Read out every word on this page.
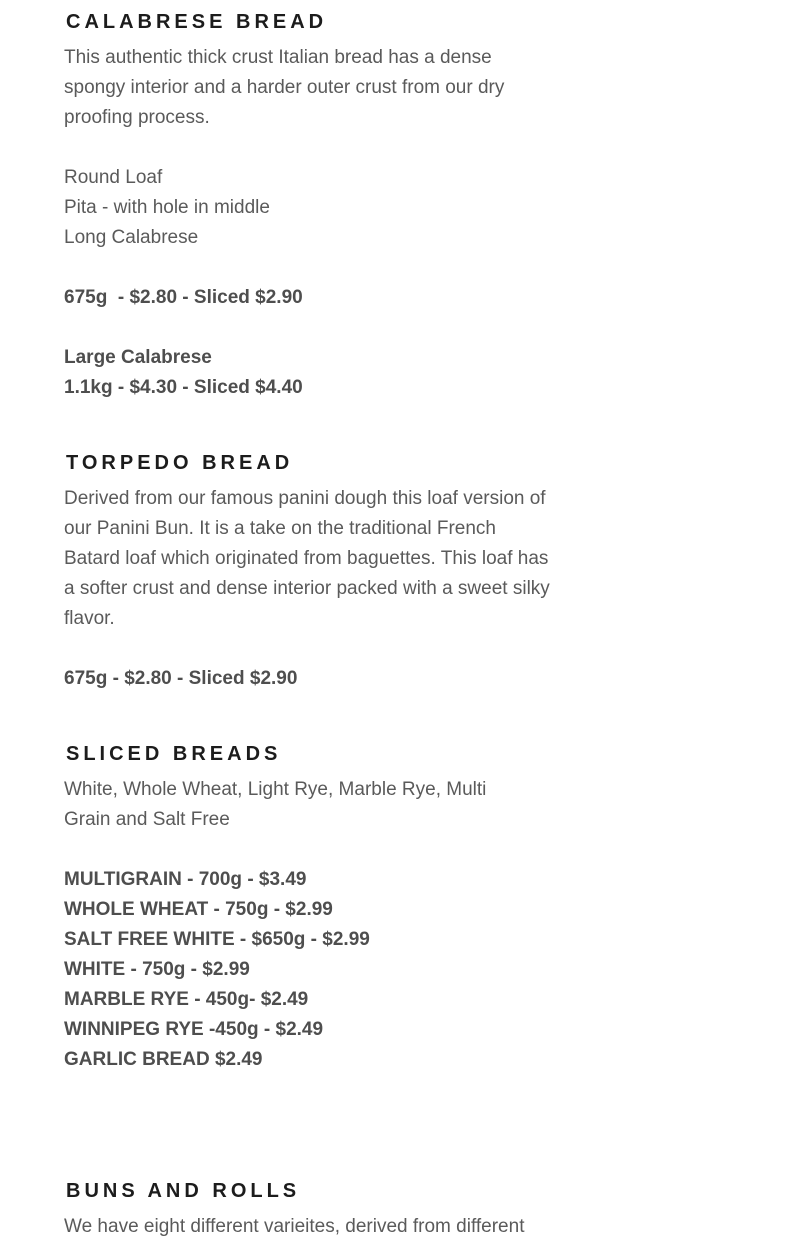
CALABRESE BREAD

This authentic thick crust Italian bread has a dense spongy interior and a harder outer crust from our dry proofing process.

Round Loaf
Pita - with hole in middle
Long Calabrese
675g  - $2.80 - Sliced $2.90
Large Calabrese
1.1kg - $4.30 - Sliced $4.40
TORPEDO BREAD

Derived from our famous panini dough this loaf version of our Panini Bun. It is a take on the traditional French Batard loaf which originated from baguettes. This loaf has a softer crust and dense interior packed with a sweet silky flavor.

675g - $2.80 - Sliced $2.90
SLICED BREADS

White, Whole Wheat, Light Rye, Marble Rye, Multi Grain and Salt Free

MULTIGRAIN - 700g - $3.49
WHOLE WHEAT - 750g - $2.99
SALT FREE WHITE - $650g - $2.99
WHITE - 750g - $2.99
MARBLE RYE - 450g- $2.49
WINNIPEG RYE -450g - $2.49
GARLIC BREAD $2.49
BUNS AND ROLLS

We have eight different varieites, derived from different
